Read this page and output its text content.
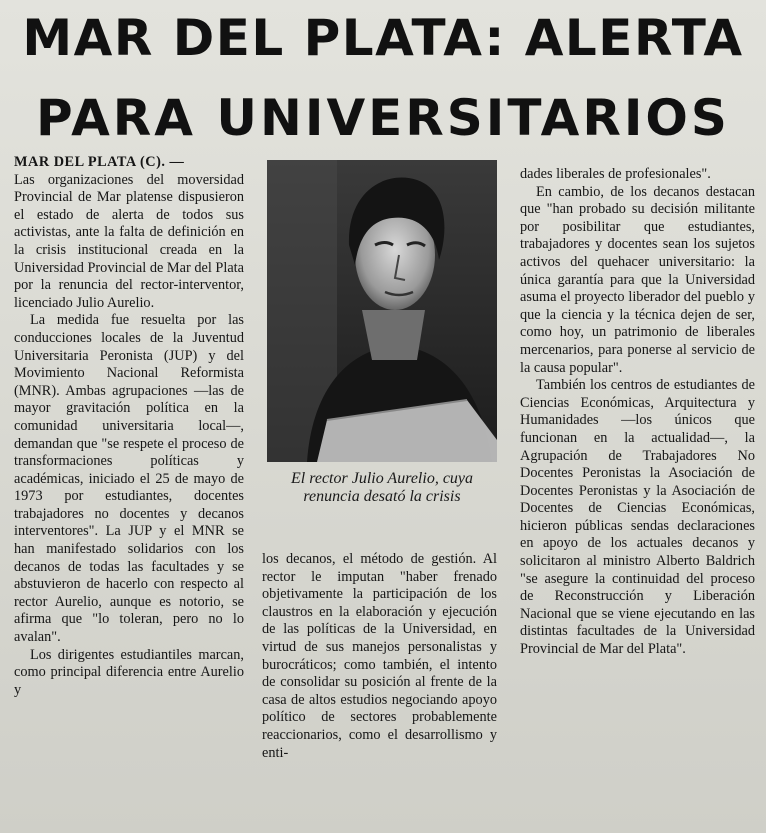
MAR DEL PLATA: ALERTA
PARA UNIVERSITARIOS

MAR DEL PLATA (C). —

Las organizaciones del moversidad Provincial de Mar platense dispusieron el estado de alerta de todos sus activistas, ante la falta de definición en la crisis institucional creada en la Universidad Provincial de Mar del Plata por la renuncia del rector-interventor, licenciado Julio Aurelio.

La medida fue resuelta por las conducciones locales de la Juventud Universitaria Peronista (JUP) y del Movimiento Nacional Reformista (MNR). Ambas agrupaciones —las de mayor gravitación política en la comunidad universitaria local—, demandan que "se respete el proceso de transformaciones políticas y académicas, iniciado el 25 de mayo de 1973 por estudiantes, docentes trabajadores no docentes y decanos interventores". La JUP y el MNR se han manifestado solidarios con los decanos de todas las facultades y se abstuvieron de hacerlo con respecto al rector Aurelio, aunque es notorio, se afirma que "lo toleran, pero no lo avalan".

Los dirigentes estudiantiles marcan, como principal diferencia entre Aurelio y

El rector Julio Aurelio, cuya renuncia desató la crisis

los decanos, el método de gestión. Al rector le imputan "haber frenado objetivamente la participación de los claustros en la elaboración y ejecución de las políticas de la Universidad, en virtud de sus manejos personalistas y burocráticos; como también, el intento de consolidar su posición al frente de la casa de altos estudios negociando apoyo político de sectores probablemente reaccionarios, como el desarrollismo y enti-

dades liberales de profesionales".

En cambio, de los decanos destacan que "han probado su decisión militante por posibilitar que estudiantes, trabajadores y docentes sean los sujetos activos del quehacer universitario: la única garantía para que la Universidad asuma el proyecto liberador del pueblo y que la ciencia y la técnica dejen de ser, como hoy, un patrimonio de liberales mercenarios, para ponerse al servicio de la causa popular".

También los centros de estudiantes de Ciencias Económicas, Arquitectura y Humanidades —los únicos que funcionan en la actualidad—, la Agrupación de Trabajadores No Docentes Peronistas la Asociación de Docentes Peronistas y la Asociación de Docentes de Ciencias Económicas, hicieron públicas sendas declaraciones en apoyo de los actuales decanos y solicitaron al ministro Alberto Baldrich "se asegure la continuidad del proceso de Reconstrucción y Liberación Nacional que se viene ejecutando en las distintas facultades de la Universidad Provincial de Mar del Plata".
